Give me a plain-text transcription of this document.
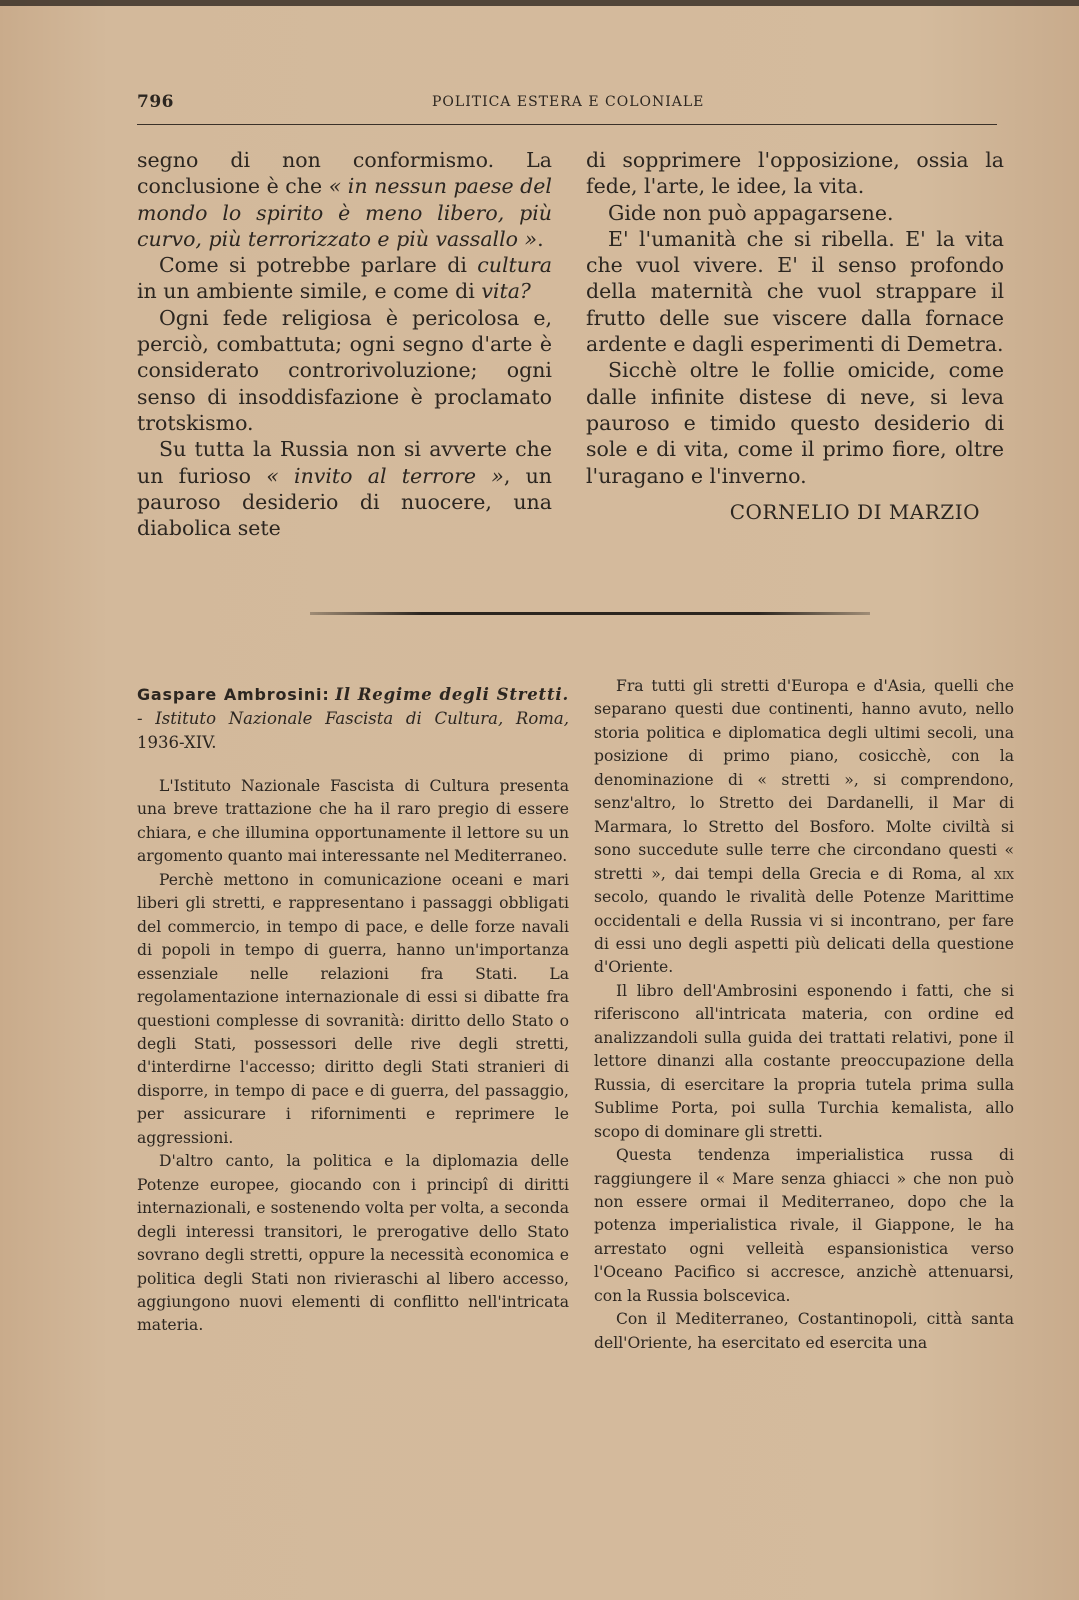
796	POLITICA ESTERA E COLONIALE

segno di non conformismo. La conclusione è che « in nessun paese del mondo lo spirito è meno libero, più curvo, più terrorizzato e più vassallo ».

Come si potrebbe parlare di cultura in un ambiente simile, e come di vita?

Ogni fede religiosa è pericolosa e, perciò, combattuta; ogni segno d'arte è considerato controrivoluzione; ogni senso di insoddisfazione è proclamato trotskismo.

Su tutta la Russia non si avverte che un furioso « invito al terrore », un pauroso desiderio di nuocere, una diabolica sete

di sopprimere l'opposizione, ossia la fede, l'arte, le idee, la vita.

Gide non può appagarsene.

E' l'umanità che si ribella. E' la vita che vuol vivere. E' il senso profondo della maternità che vuol strappare il frutto delle sue viscere dalla fornace ardente e dagli esperimenti di Demetra.

Sicchè oltre le follie omicide, come dalle infinite distese di neve, si leva pauroso e timido questo desiderio di sole e di vita, come il primo fiore, oltre l'uragano e l'inverno.

CORNELIO DI MARZIO

Gaspare Ambrosini: Il Regime degli Stretti. - Istituto Nazionale Fascista di Cultura, Roma, 1936-XIV.

L'Istituto Nazionale Fascista di Cultura presenta una breve trattazione che ha il raro pregio di essere chiara, e che illumina opportunamente il lettore su un argomento quanto mai interessante nel Mediterraneo.

Perchè mettono in comunicazione oceani e mari liberi gli stretti, e rappresentano i passaggi obbligati del commercio, in tempo di pace, e delle forze navali di popoli in tempo di guerra, hanno un'importanza essenziale nelle relazioni fra Stati. La regolamentazione internazionale di essi si dibatte fra questioni complesse di sovranità: diritto dello Stato o degli Stati, possessori delle rive degli stretti, d'interdirne l'accesso; diritto degli Stati stranieri di disporre, in tempo di pace e di guerra, del passaggio, per assicurare i rifornimenti e reprimere le aggressioni.

D'altro canto, la politica e la diplomazia delle Potenze europee, giocando con i principî di diritti internazionali, e sostenendo volta per volta, a seconda degli interessi transitori, le prerogative dello Stato sovrano degli stretti, oppure la necessità economica e politica degli Stati non rivieraschi al libero accesso, aggiungono nuovi elementi di conflitto nell'intricata materia.

Fra tutti gli stretti d'Europa e d'Asia, quelli che separano questi due continenti, hanno avuto, nello storia politica e diplomatica degli ultimi secoli, una posizione di primo piano, cosicchè, con la denominazione di « stretti », si comprendono, senz'altro, lo Stretto dei Dardanelli, il Mar di Marmara, lo Stretto del Bosforo. Molte civiltà si sono succedute sulle terre che circondano questi « stretti », dai tempi della Grecia e di Roma, al xix secolo, quando le rivalità delle Potenze Marittime occidentali e della Russia vi si incontrano, per fare di essi uno degli aspetti più delicati della questione d'Oriente.

Il libro dell'Ambrosini esponendo i fatti, che si riferiscono all'intricata materia, con ordine ed analizzandoli sulla guida dei trattati relativi, pone il lettore dinanzi alla costante preoccupazione della Russia, di esercitare la propria tutela prima sulla Sublime Porta, poi sulla Turchia kemalista, allo scopo di dominare gli stretti.

Questa tendenza imperialistica russa di raggiungere il « Mare senza ghiacci » che non può non essere ormai il Mediterraneo, dopo che la potenza imperialistica rivale, il Giappone, le ha arrestato ogni velleità espansionistica verso l'Oceano Pacifico si accresce, anzichè attenuarsi, con la Russia bolscevica.

Con il Mediterraneo, Costantinopoli, città santa dell'Oriente, ha esercitato ed esercita una
